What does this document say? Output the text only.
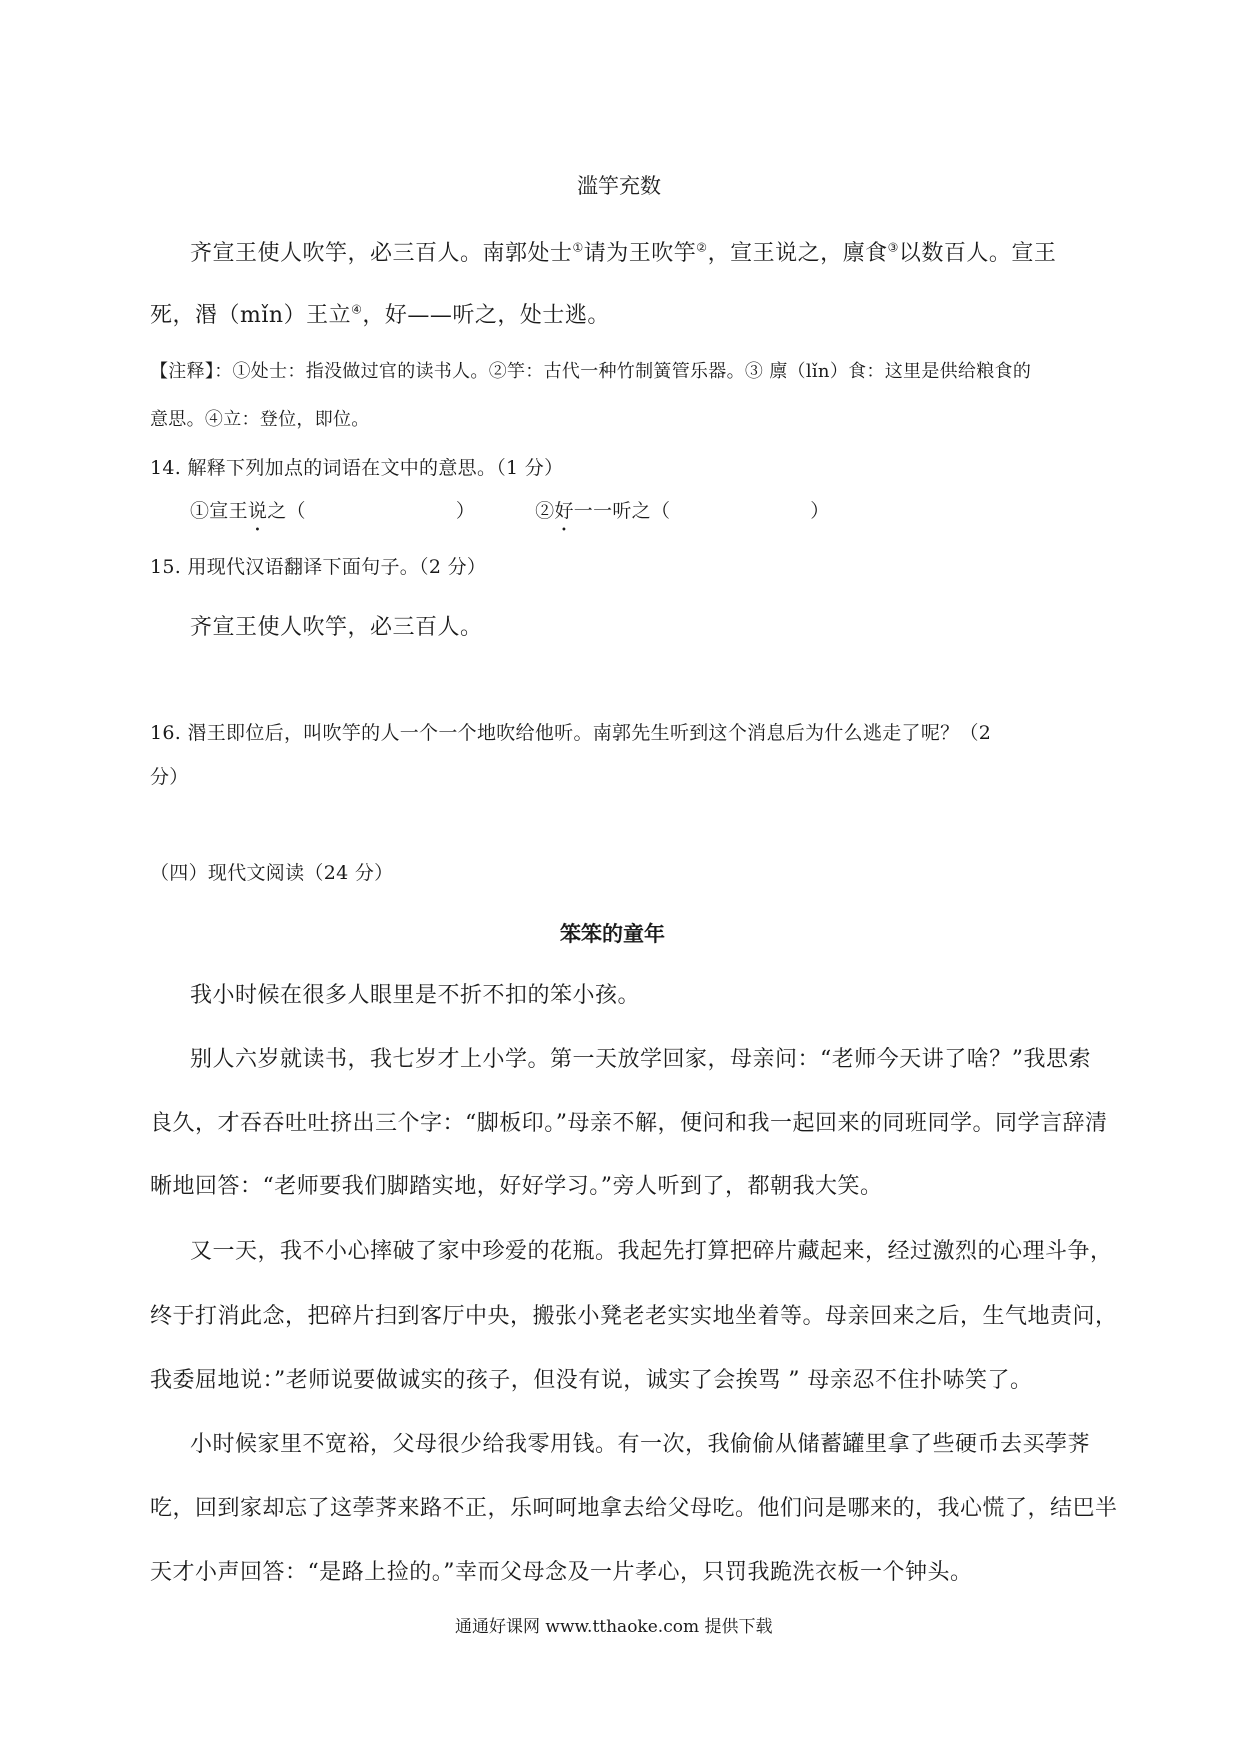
滥竽充数
齐宣王使人吹竽，必三百人。南郭处士①请为王吹竽②，宣王说之，廪食③以数百人。宣王
死，湣（mǐn）王立④，好——听之，处士逃。
【注释】：①处士：指没做过官的读书人。②竽：古代一种竹制簧管乐器。③ 廪（lǐn）食：这里是供给粮食的
意思。④立：登位，即位。
14. 解释下列加点的词语在文中的意思。（1 分）
①宣王说之（	）	②好一一听之（	）
15. 用现代汉语翻译下面句子。（2 分）
齐宣王使人吹竽，必三百人。
16. 湣王即位后，叫吹竽的人一个一个地吹给他听。南郭先生听到这个消息后为什么逃走了呢？（2
分）
（四）现代文阅读（24 分）
笨笨的童年
我小时候在很多人眼里是不折不扣的笨小孩。
别人六岁就读书，我七岁才上小学。第一天放学回家，母亲问：“老师今天讲了啥？”我思索
良久，才吞吞吐吐挤出三个字：“脚板印。”母亲不解，便问和我一起回来的同班同学。同学言辞清
晰地回答：“老师要我们脚踏实地，好好学习。”旁人听到了，都朝我大笑。
又一天，我不小心摔破了家中珍爱的花瓶。我起先打算把碎片藏起来，经过激烈的心理斗争，
终于打消此念，把碎片扫到客厅中央，搬张小凳老老实实地坐着等。母亲回来之后，生气地责问，
我委屈地说：”老师说要做诚实的孩子，但没有说，诚实了会挨骂 ” 母亲忍不住扑哧笑了。
小时候家里不宽裕，父母很少给我零用钱。有一次，我偷偷从储蓄罐里拿了些硬币去买荸荠
吃，回到家却忘了这荸荠来路不正，乐呵呵地拿去给父母吃。他们问是哪来的，我心慌了，结巴半
天才小声回答：“是路上捡的。”幸而父母念及一片孝心，只罚我跪洗衣板一个钟头。
通通好课网 www.tthaoke.com 提供下载
